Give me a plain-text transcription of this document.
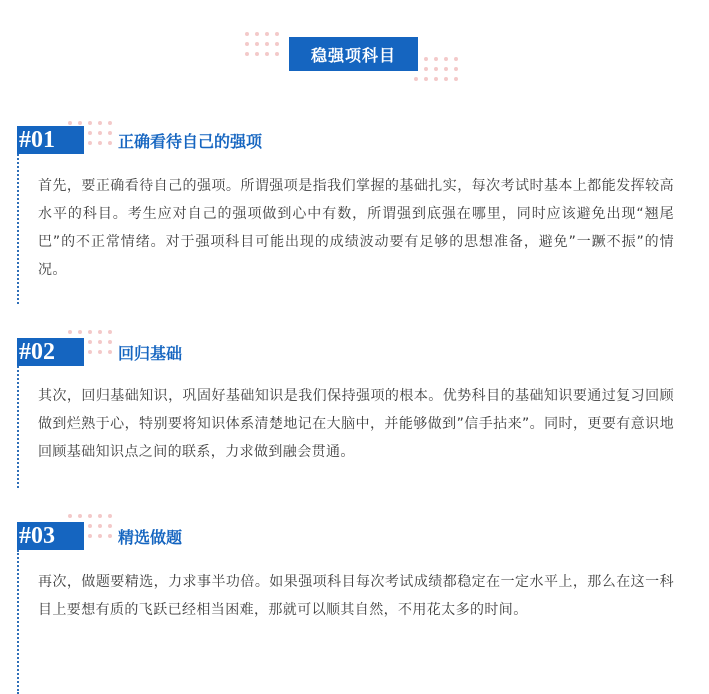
稳强项科目
#01	正确看待自己的强项
首先，要正确看待自己的强项。所谓强项是指我们掌握的基础扎实，每次考试时基本上都能发挥较高水平的科目。考生应对自己的强项做到心中有数，所谓强到底强在哪里，同时应该避免出现“翘尾巴”的不正常情绪。对于强项科目可能出现的成绩波动要有足够的思想准备，避免”一蹶不振”的情况。
#02	回归基础
其次，回归基础知识，巩固好基础知识是我们保持强项的根本。优势科目的基础知识要通过复习回顾做到烂熟于心，特别要将知识体系清楚地记在大脑中，并能够做到”信手拈来”。同时，更要有意识地回顾基础知识点之间的联系，力求做到融会贯通。
#03	精选做题
再次，做题要精选，力求事半功倍。如果强项科目每次考试成绩都稳定在一定水平上，那么在这一科目上要想有质的飞跃已经相当困难，那就可以顺其自然，不用花太多的时间。
